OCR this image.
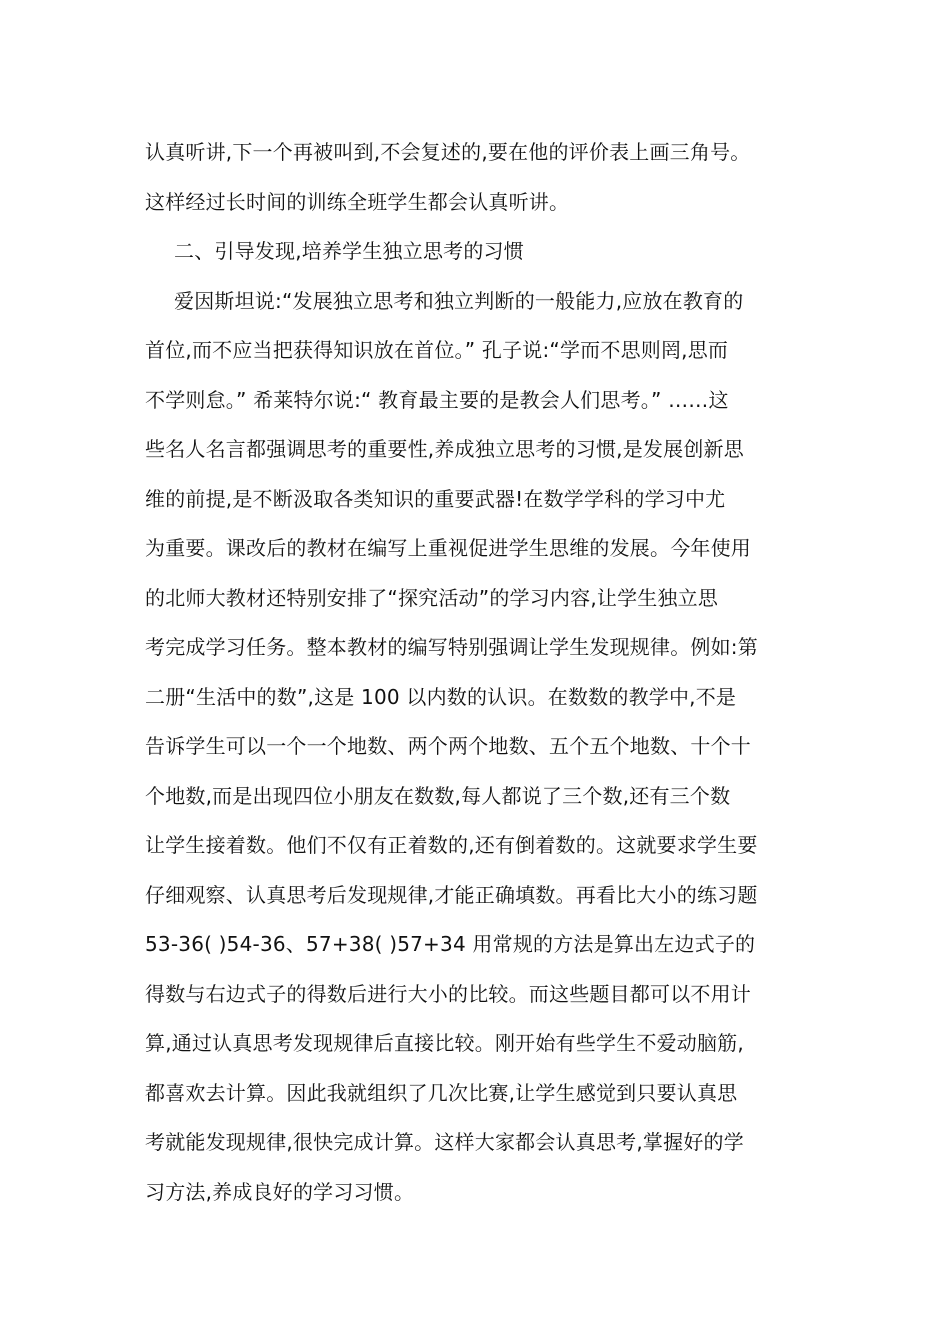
认真听讲,下一个再被叫到,不会复述的,要在他的评价表上画三角号。
这样经过长时间的训练全班学生都会认真听讲。
二、引导发现,培养学生独立思考的习惯
爱因斯坦说:“发展独立思考和独立判断的一般能力,应放在教育的
首位,而不应当把获得知识放在首位。” 孔子说:“学而不思则罔,思而
不学则怠。” 希莱特尔说:“ 教育最主要的是教会人们思考。” ……这
些名人名言都强调思考的重要性,养成独立思考的习惯,是发展创新思
维的前提,是不断汲取各类知识的重要武器!在数学学科的学习中尤
为重要。课改后的教材在编写上重视促进学生思维的发展。今年使用
的北师大教材还特别安排了“探究活动”的学习内容,让学生独立思
考完成学习任务。整本教材的编写特别强调让学生发现规律。例如:第
二册“生活中的数”,这是 100 以内数的认识。在数数的教学中,不是
告诉学生可以一个一个地数、两个两个地数、五个五个地数、十个十
个地数,而是出现四位小朋友在数数,每人都说了三个数,还有三个数
让学生接着数。他们不仅有正着数的,还有倒着数的。这就要求学生要
仔细观察、认真思考后发现规律,才能正确填数。再看比大小的练习题
53-36( )54-36、57+38( )57+34 用常规的方法是算出左边式子的
得数与右边式子的得数后进行大小的比较。而这些题目都可以不用计
算,通过认真思考发现规律后直接比较。刚开始有些学生不爱动脑筋,
都喜欢去计算。因此我就组织了几次比赛,让学生感觉到只要认真思
考就能发现规律,很快完成计算。这样大家都会认真思考,掌握好的学
习方法,养成良好的学习习惯。
